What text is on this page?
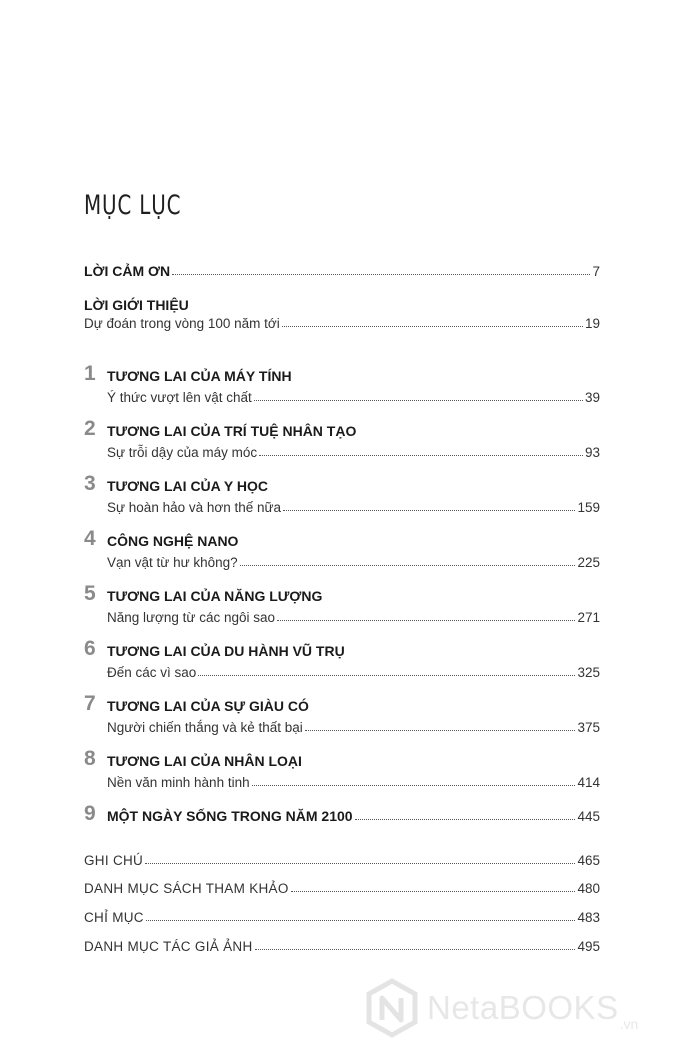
MỤC LỤC
LỜI CẢM ƠN	7
LỜI GIỚI THIỆU
Dự đoán trong vòng 100 năm tới	19
1 TƯƠNG LAI CỦA MÁY TÍNH
Ý thức vượt lên vật chất	39
2 TƯƠNG LAI CỦA TRÍ TUỆ NHÂN TẠO
Sự trỗi dậy của máy móc	93
3 TƯƠNG LAI CỦA Y HỌC
Sự hoàn hảo và hơn thế nữa	159
4 CÔNG NGHỆ NANO
Vạn vật từ hư không?	225
5 TƯƠNG LAI CỦA NĂNG LƯỢNG
Năng lượng từ các ngôi sao	271
6 TƯƠNG LAI CỦA DU HÀNH VŨ TRỤ
Đến các vì sao	325
7 TƯƠNG LAI CỦA SỰ GIÀU CÓ
Người chiến thắng và kẻ thất bại	375
8 TƯƠNG LAI CỦA NHÂN LOẠI
Nền văn minh hành tinh	414
9 MỘT NGÀY SỐNG TRONG NĂM 2100	445
GHI CHÚ	465
DANH MỤC SÁCH THAM KHẢO	480
CHỈ MỤC	483
DANH MỤC TÁC GIẢ ẢNH	495
NetaBOOKS .vn
